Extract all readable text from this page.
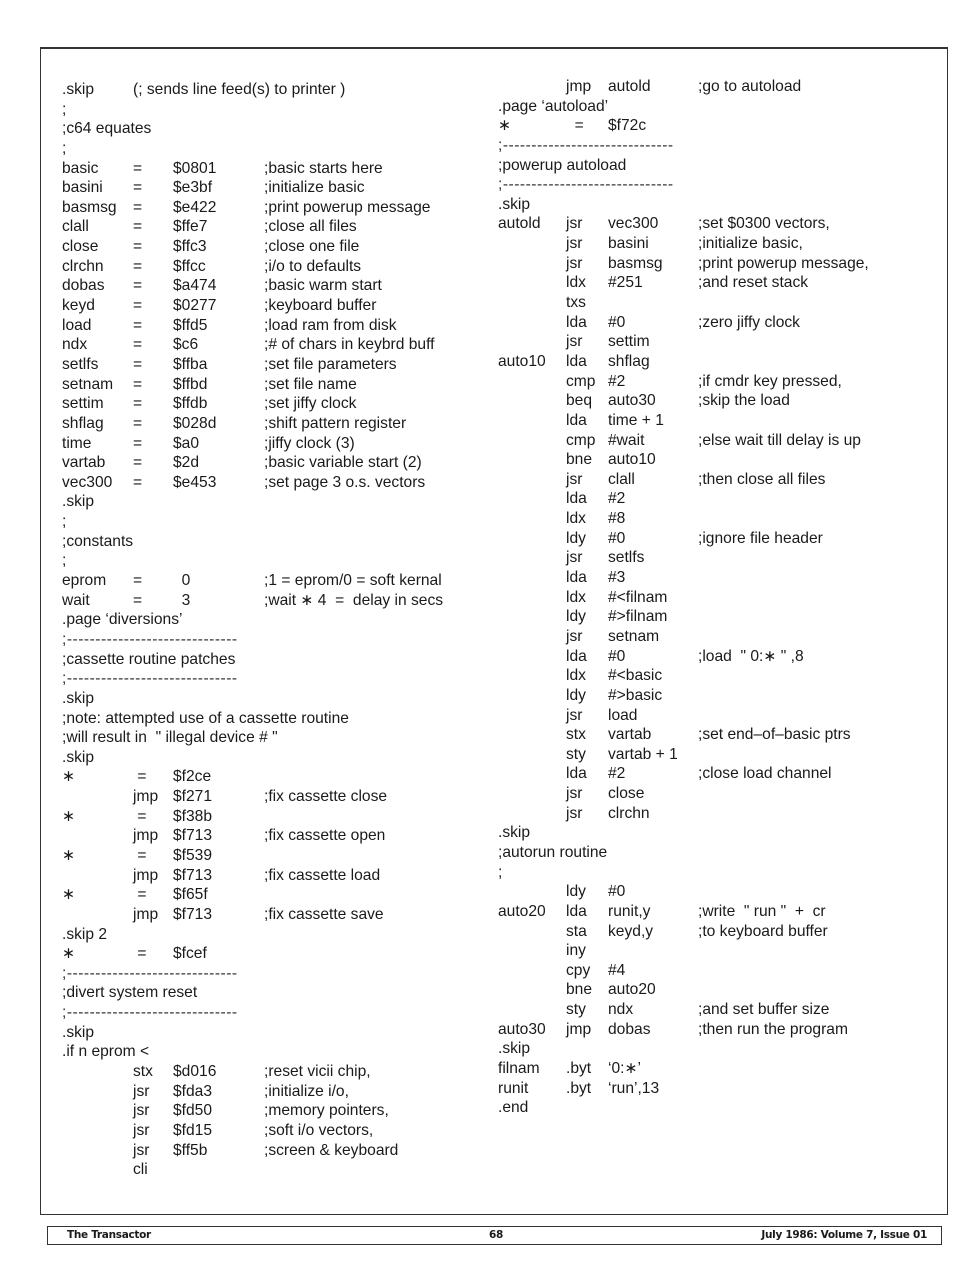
.skip (; sends line feed(s) to printer )
;
;c64 equates
;
basic = $0801	;basic starts here
basini = $e3bf	;initialize basic
basmsg = $e422	;print powerup message
clall	= $ffe7	;close all files
close = $ffc3	;close one file
clrchn = $ffcc	;i/o to defaults
dobas = $a474	;basic warm start
keyd = $0277	;keyboard buffer
load	= $ffd5	;load ram from disk
ndx	= $c6	;# of chars in keybrd buff
setlfs = $ffba	;set file parameters
setnam = $ffbd	;set file name
settim = $ffdb	;set jiffy clock
shflag = $028d	;shift pattern register
time	= $a0	;jiffy clock (3)
vartab = $2d	;basic variable start (2)
vec300 = $e453	;set page 3 o.s. vectors
.skip
;
;constants
;
eprom = 0	;1 = eprom/0 = soft kernal
wait	= 3	;wait ∗ 4  =  delay in secs
.page ‘diversions’
;------------------------------
;cassette routine patches
;------------------------------
.skip
;note: attempted use of a cassette routine
;will result in  " illegal device # "
.skip
∗	= $f2ce
jmp $f271	;fix cassette close
∗	= $f38b
jmp $f713	;fix cassette open
∗	= $f539
jmp $f713	;fix cassette load
∗	= $f65f
jmp $f713	;fix cassette save
.skip 2
∗	= $fcef
;------------------------------
;divert system reset
;------------------------------
.skip
.if n eprom <
stx $d016	;reset vicii chip,
jsr $fda3	;initialize i/o,
jsr $fd50	;memory pointers,
jsr $fd15	;soft i/o vectors,
jsr $ff5b	;screen & keyboard
cli
jmp autold	;go to autoload
.page ‘autoload’
∗	= $f72c
;------------------------------
;powerup autoload
;------------------------------
.skip
autold jsr vec300	;set $0300 vectors,
jsr basini	;initialize basic,
jsr basmsg ;print powerup message,
ldx #251	;and reset stack
txs
lda #0	;zero jiffy clock
jsr settim
auto10 lda shflag
cmp #2	;if cmdr key pressed,
beq auto30	;skip the load
lda time + 1
cmp #wait	;else wait till delay is up
bne auto10
jsr clall	;then close all files
lda #2
ldx #8
ldy #0	;ignore file header
jsr setlfs
lda #3
ldx #<filnam
ldy #>filnam
jsr setnam
lda #0	;load  " 0:∗ " ,8
ldx #<basic
ldy #>basic
jsr load
stx vartab	;set end–of–basic ptrs
sty vartab + 1
lda #2	;close load channel
jsr close
jsr clrchn
.skip
;autorun routine
;
ldy #0
auto20 lda runit,y	;write  " run "  +  cr
sta keyd,y	;to keyboard buffer
iny
cpy #4
bne auto20
sty ndx	;and set buffer size
auto30 jmp dobas	;then run the program
.skip
filnam .byt ‘0:∗’
runit .byt ‘run’,13
.end
The Transactor	68	July 1986: Volume 7, Issue 01
